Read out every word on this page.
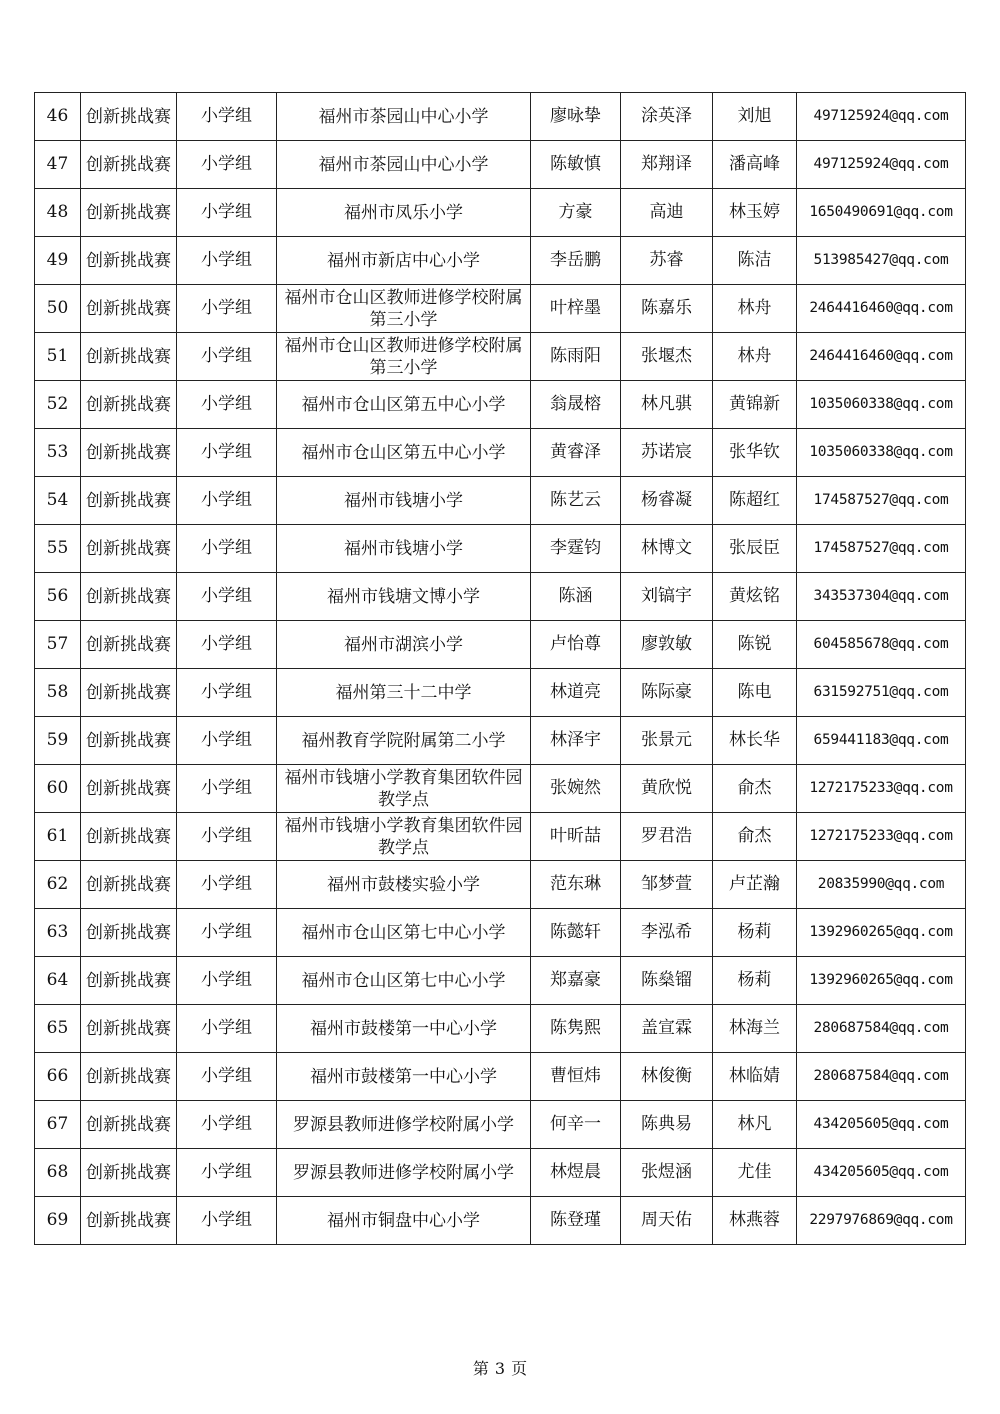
46	创新挑战赛	小学组	福州市茶园山中心小学	廖咏挚	涂英泽	刘旭	497125924@qq.com
47	创新挑战赛	小学组	福州市茶园山中心小学	陈敏慎	郑翔译	潘高峰	497125924@qq.com
48	创新挑战赛	小学组	福州市凤乐小学	方豪	高迪	林玉婷	1650490691@qq.com
49	创新挑战赛	小学组	福州市新店中心小学	李岳鹏	苏睿	陈洁	513985427@qq.com
50	创新挑战赛	小学组	福州市仓山区教师进修学校附属第三小学	叶梓墨	陈嘉乐	林舟	2464416460@qq.com
51	创新挑战赛	小学组	福州市仓山区教师进修学校附属第三小学	陈雨阳	张堰杰	林舟	2464416460@qq.com
52	创新挑战赛	小学组	福州市仓山区第五中心小学	翁晟榕	林凡骐	黄锦新	1035060338@qq.com
53	创新挑战赛	小学组	福州市仓山区第五中心小学	黄睿泽	苏诺宸	张华钦	1035060338@qq.com
54	创新挑战赛	小学组	福州市钱塘小学	陈艺云	杨睿凝	陈超红	174587527@qq.com
55	创新挑战赛	小学组	福州市钱塘小学	李霆钧	林博文	张辰臣	174587527@qq.com
56	创新挑战赛	小学组	福州市钱塘文博小学	陈涵	刘镐宇	黄炫铭	343537304@qq.com
57	创新挑战赛	小学组	福州市湖滨小学	卢怡尊	廖敦敏	陈锐	604585678@qq.com
58	创新挑战赛	小学组	福州第三十二中学	林道亮	陈际豪	陈电	631592751@qq.com
59	创新挑战赛	小学组	福州教育学院附属第二小学	林泽宇	张景元	林长华	659441183@qq.com
60	创新挑战赛	小学组	福州市钱塘小学教育集团软件园教学点	张婉然	黄欣悦	俞杰	1272175233@qq.com
61	创新挑战赛	小学组	福州市钱塘小学教育集团软件园教学点	叶昕喆	罗君浩	俞杰	1272175233@qq.com
62	创新挑战赛	小学组	福州市鼓楼实验小学	范东琳	邹梦萱	卢芷瀚	20835990@qq.com
63	创新挑战赛	小学组	福州市仓山区第七中心小学	陈懿轩	李泓希	杨莉	1392960265@qq.com
64	创新挑战赛	小学组	福州市仓山区第七中心小学	郑嘉豪	陈燊镏	杨莉	1392960265@qq.com
65	创新挑战赛	小学组	福州市鼓楼第一中心小学	陈隽熙	盖宣霖	林海兰	280687584@qq.com
66	创新挑战赛	小学组	福州市鼓楼第一中心小学	曹恒炜	林俊衡	林临婧	280687584@qq.com
67	创新挑战赛	小学组	罗源县教师进修学校附属小学	何辛一	陈典易	林凡	434205605@qq.com
68	创新挑战赛	小学组	罗源县教师进修学校附属小学	林煜晨	张煜涵	尤佳	434205605@qq.com
69	创新挑战赛	小学组	福州市铜盘中心小学	陈登瑾	周天佑	林燕蓉	2297976869@qq.com
第 3 页
